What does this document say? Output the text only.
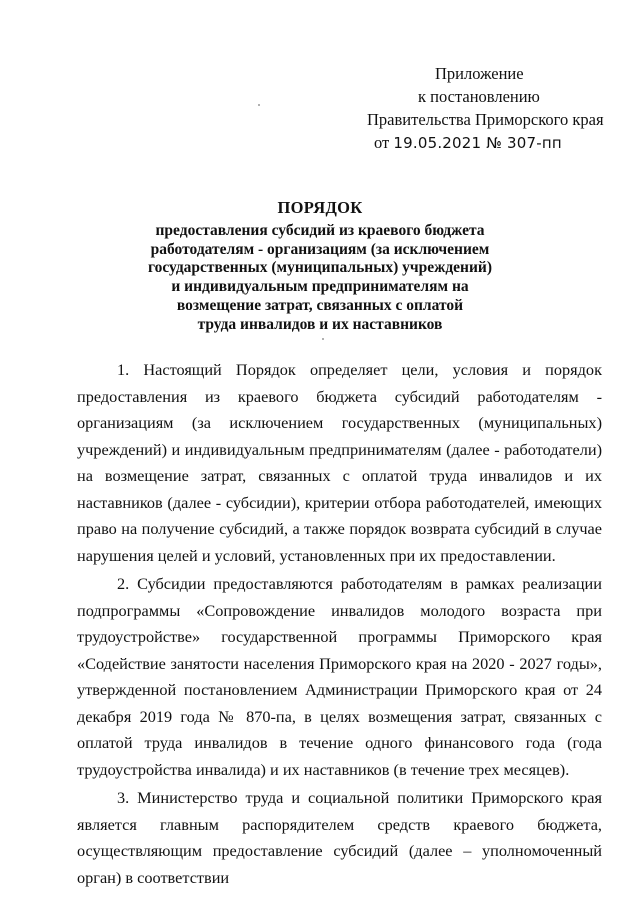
Приложение
к постановлению
Правительства Приморского края
от 19.05.2021 № 307-пп
ПОРЯДОК
предоставления субсидий из краевого бюджета
работодателям - организациям (за исключением
государственных (муниципальных) учреждений)
и индивидуальным предпринимателям на
возмещение затрат, связанных с оплатой
труда инвалидов и их наставников

1. Настоящий Порядок определяет цели, условия и порядок предоставления из краевого бюджета субсидий работодателям - организациям (за исключением государственных (муниципальных) учреждений) и индивидуальным предпринимателям (далее - работодатели) на возмещение затрат, связанных с оплатой труда инвалидов и их наставников (далее - субсидии), критерии отбора работодателей, имеющих право на получение субсидий, а также порядок возврата субсидий в случае нарушения целей и условий, установленных при их предоставлении.

2. Субсидии предоставляются работодателям в рамках реализации подпрограммы «Сопровождение инвалидов молодого возраста при трудоустройстве» государственной программы Приморского края «Содействие занятости населения Приморского края на 2020 - 2027 годы», утвержденной постановлением Администрации Приморского края от 24 декабря 2019 года № 870-па, в целях возмещения затрат, связанных с оплатой труда инвалидов в течение одного финансового года (года трудоустройства инвалида) и их наставников (в течение трех месяцев).

3. Министерство труда и социальной политики Приморского края является главным распорядителем средств краевого бюджета, осуществляющим предоставление субсидий (далее – уполномоченный орган) в соответствии
